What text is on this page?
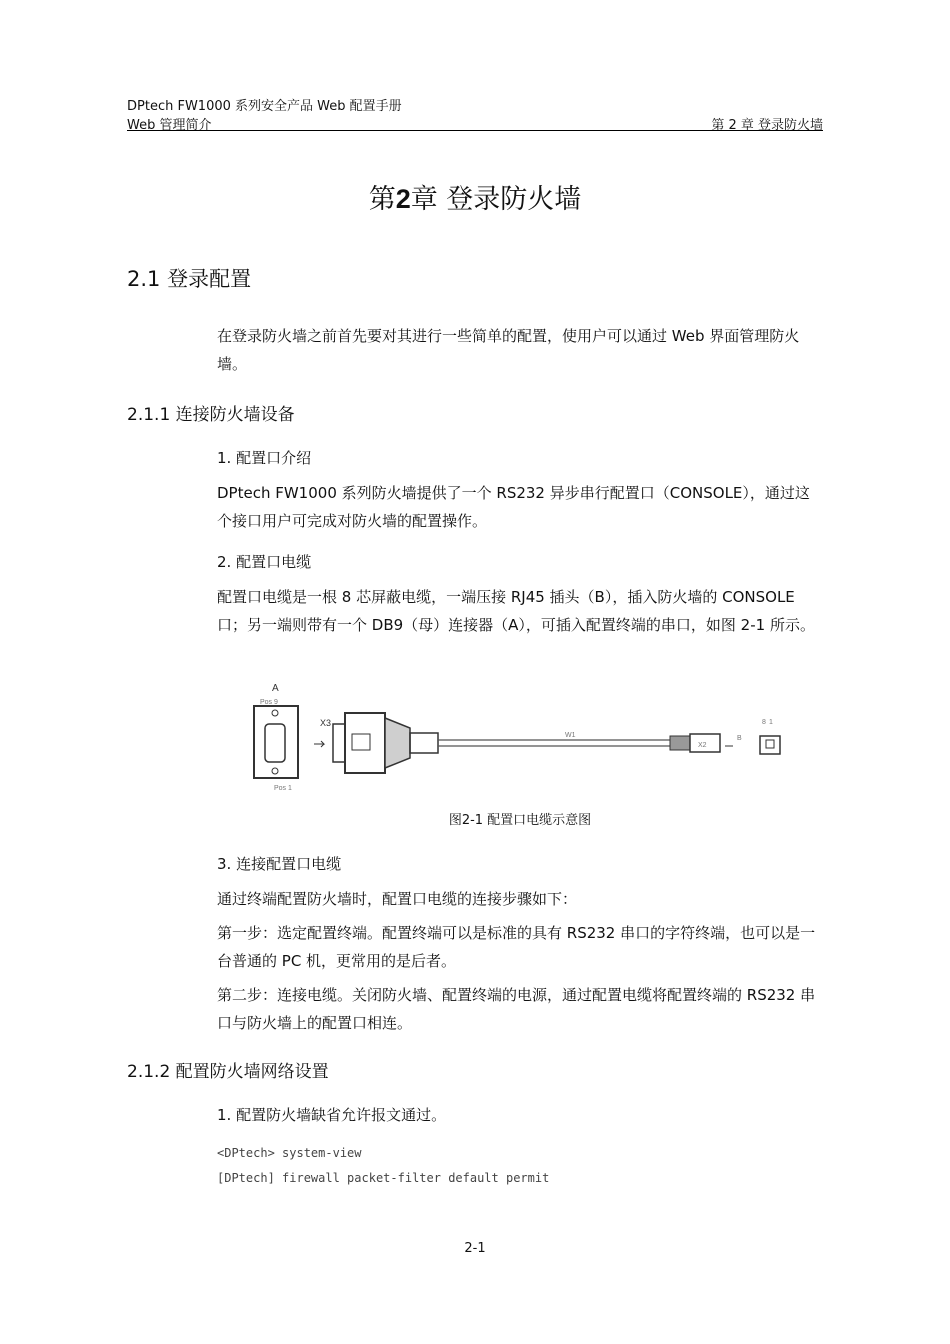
DPtech FW1000 系列安全产品 Web 配置手册
Web 管理简介	第 2 章 登录防火墙
第2章 登录防火墙
2.1 登录配置
在登录防火墙之前首先要对其进行一些简单的配置，使用户可以通过 Web 界面管理防火墙。
2.1.1 连接防火墙设备
1. 配置口介绍
DPtech FW1000 系列防火墙提供了一个 RS232 异步串行配置口（CONSOLE），通过这个接口用户可完成对防火墙的配置操作。
2. 配置口电缆
配置口电缆是一根 8 芯屏蔽电缆，一端压接 RJ45 插头（B），插入防火墙的 CONSOLE 口；另一端则带有一个 DB9（母）连接器（A），可插入配置终端的串口，如图 2-1 所示。
A
Pos 9
Pos 1
X3
W1
X2
B
8 1
图2-1 配置口电缆示意图
3. 连接配置口电缆
通过终端配置防火墙时，配置口电缆的连接步骤如下：
第一步：选定配置终端。配置终端可以是标准的具有 RS232 串口的字符终端，也可以是一台普通的 PC 机，更常用的是后者。
第二步：连接电缆。关闭防火墙、配置终端的电源，通过配置电缆将配置终端的 RS232 串口与防火墙上的配置口相连。
2.1.2 配置防火墙网络设置
1. 配置防火墙缺省允许报文通过。
<DPtech> system-view
[DPtech] firewall packet-filter default permit
2-1
